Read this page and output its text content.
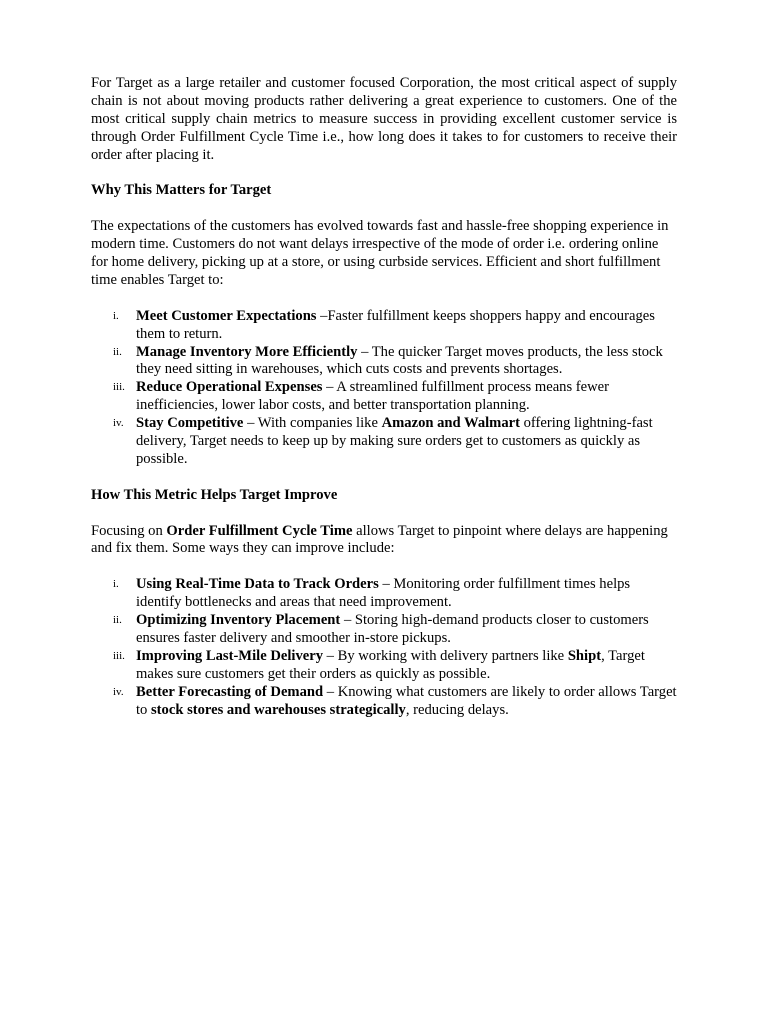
For Target as a large retailer and customer focused Corporation, the most critical aspect of supply chain is not about moving products rather delivering a great experience to customers. One of the most critical supply chain metrics to measure success in providing excellent customer service is through Order Fulfillment Cycle Time i.e., how long does it takes to for customers to receive their order after placing it.

Why This Matters for Target

The expectations of the customers has evolved towards fast and hassle-free shopping experience in modern time. Customers do not want delays irrespective of the mode of order i.e. ordering online for home delivery, picking up at a store, or using curbside services. Efficient and short fulfillment time enables Target to:

i. Meet Customer Expectations –Faster fulfillment keeps shoppers happy and encourages them to return.
ii. Manage Inventory More Efficiently – The quicker Target moves products, the less stock they need sitting in warehouses, which cuts costs and prevents shortages.
iii. Reduce Operational Expenses – A streamlined fulfillment process means fewer inefficiencies, lower labor costs, and better transportation planning.
iv. Stay Competitive – With companies like Amazon and Walmart offering lightning-fast delivery, Target needs to keep up by making sure orders get to customers as quickly as possible.
How This Metric Helps Target Improve

Focusing on Order Fulfillment Cycle Time allows Target to pinpoint where delays are happening and fix them. Some ways they can improve include:

i. Using Real-Time Data to Track Orders – Monitoring order fulfillment times helps identify bottlenecks and areas that need improvement.
ii. Optimizing Inventory Placement – Storing high-demand products closer to customers ensures faster delivery and smoother in-store pickups.
iii. Improving Last-Mile Delivery – By working with delivery partners like Shipt, Target makes sure customers get their orders as quickly as possible.
iv. Better Forecasting of Demand – Knowing what customers are likely to order allows Target to stock stores and warehouses strategically, reducing delays.
